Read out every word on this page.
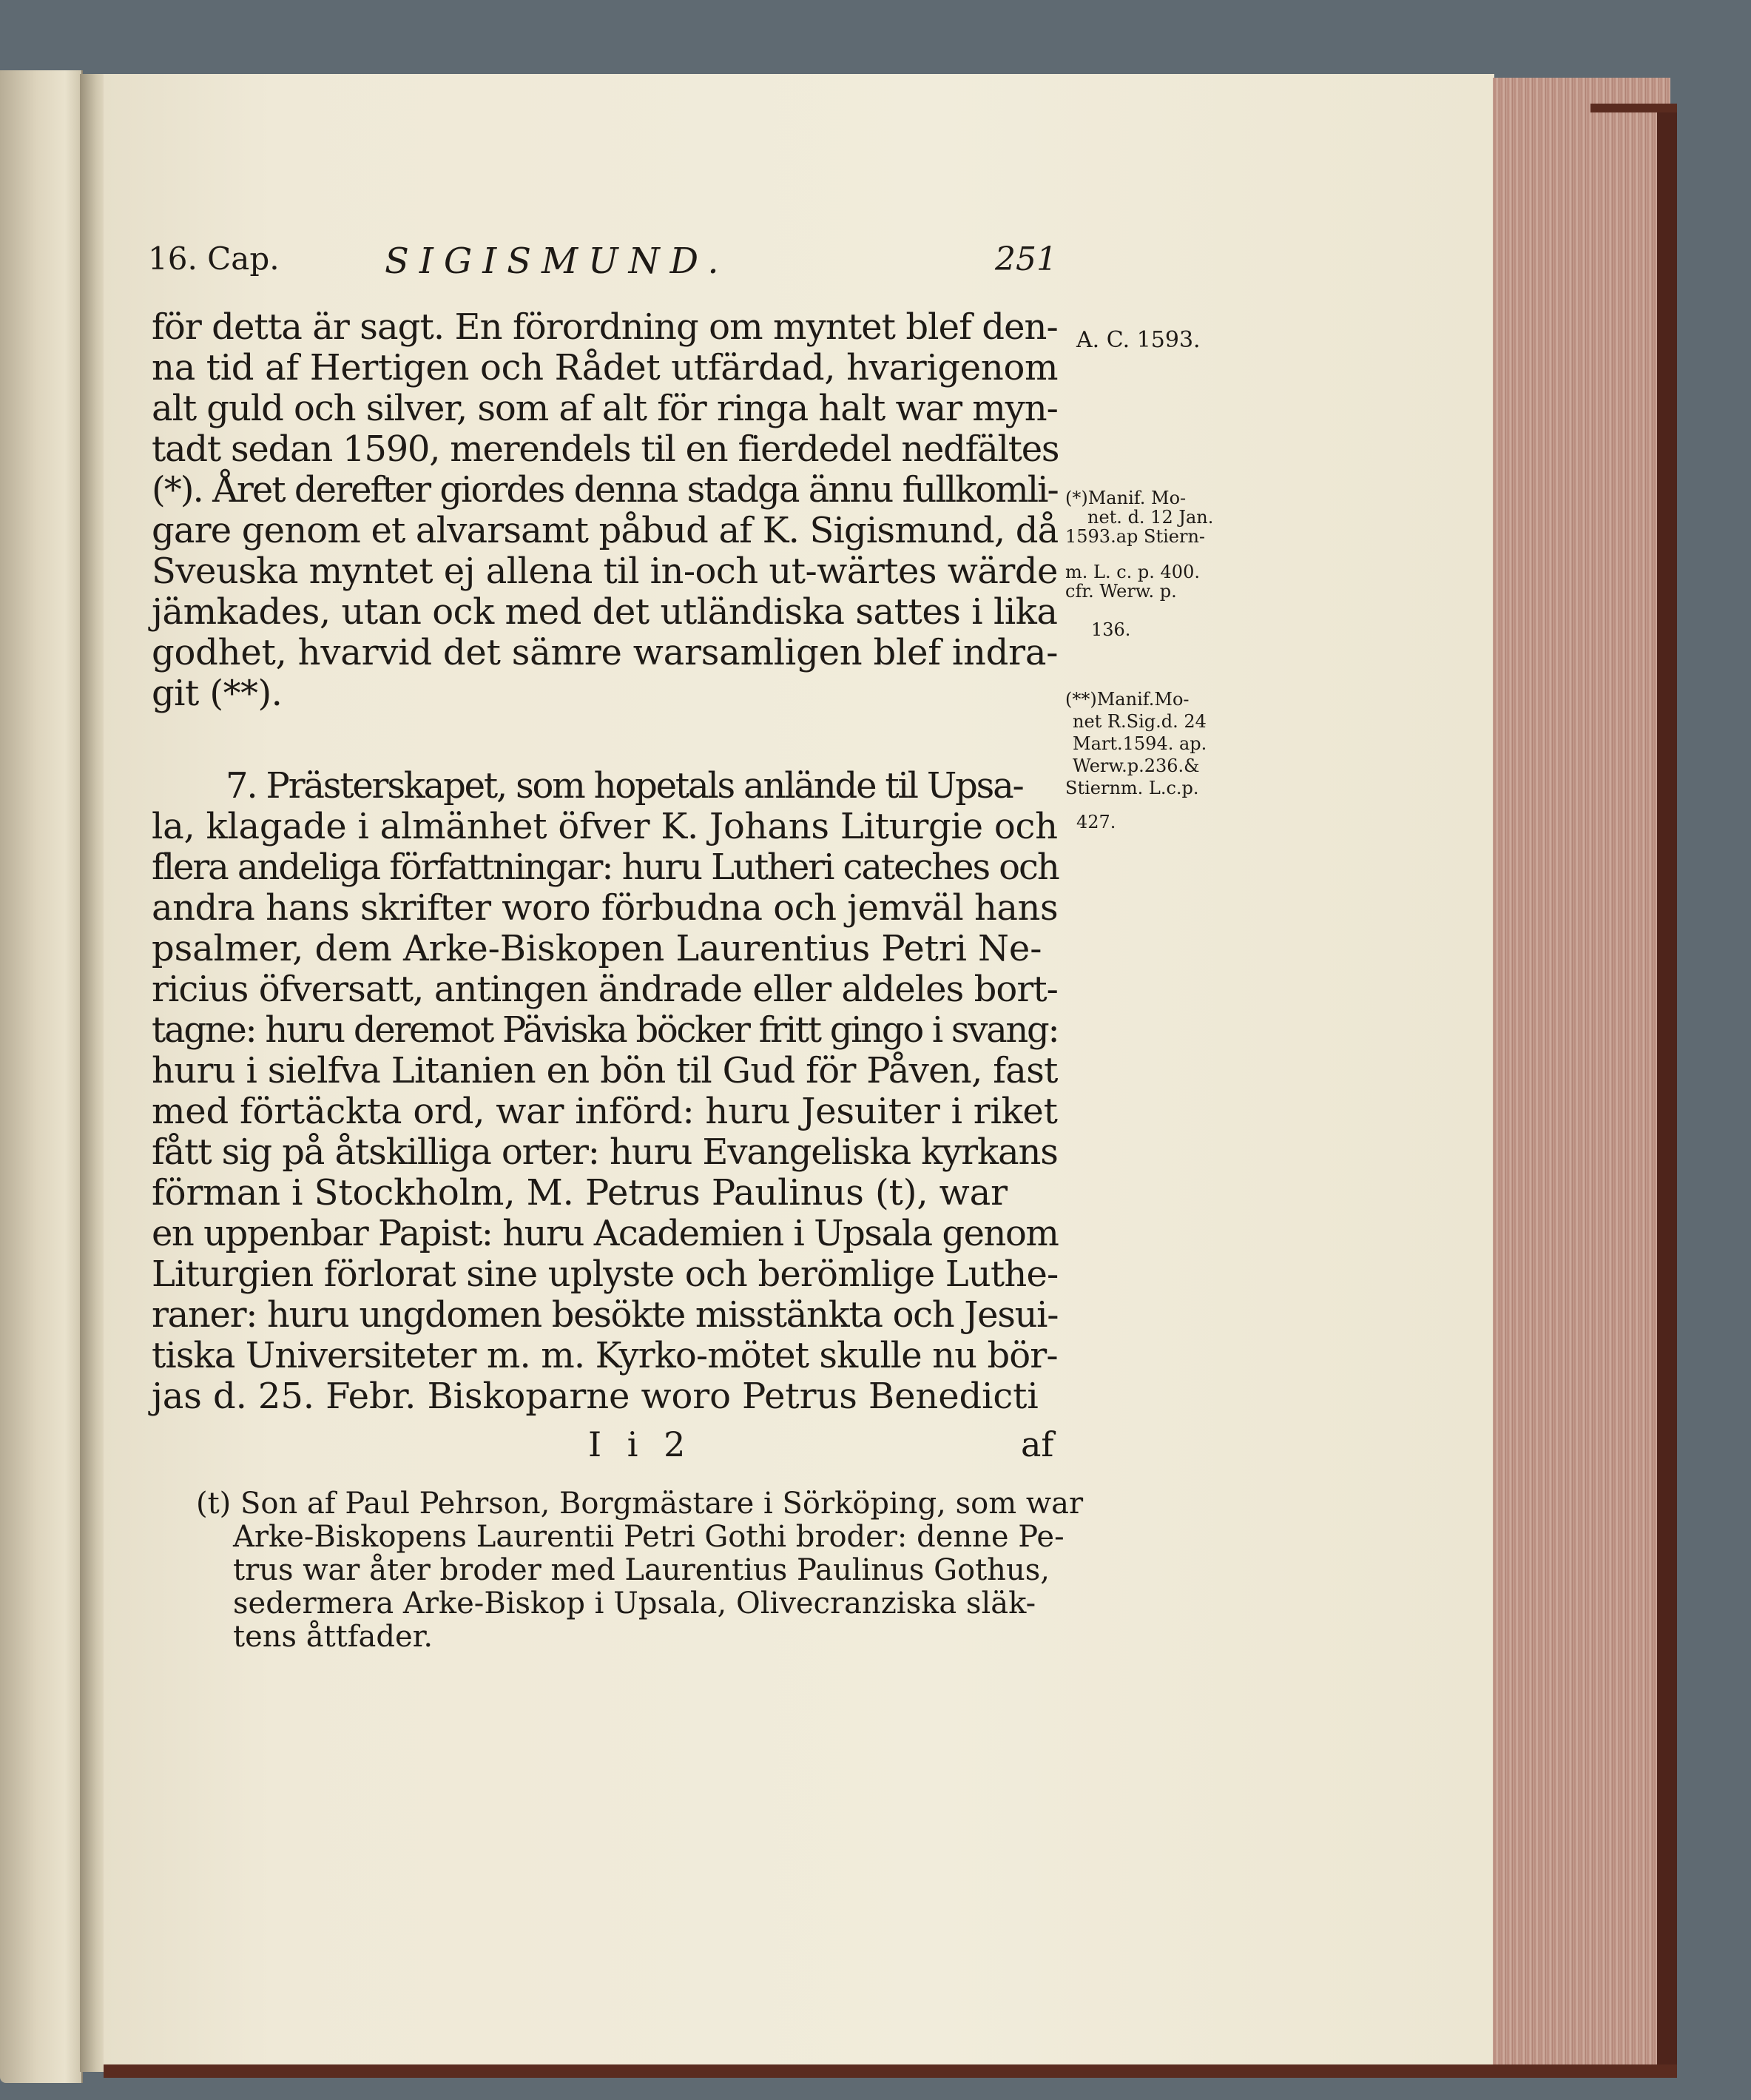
16. Cap.	SIGISMUND.	251
för detta är sagt. En förordning om myntet blef den-
na tid af Hertigen och Rådet utfärdad, hvarigenom
alt guld och silver, som af alt för ringa halt war myn-
tadt sedan 1590, merendels til en fierdedel nedfältes
(*). Året derefter giordes denna stadga ännu fullkomli-
gare genom et alvarsamt påbud af K. Sigismund, då
Sveuska myntet ej allena til in-och ut-wärtes wärde
jämkades, utan ock med det utländiska sattes i lika
godhet, hvarvid det sämre warsamligen blef indra-
git (**).
7. Prästerskapet, som hopetals anlände til Upsa-
la, klagade i almänhet öfver K. Johans Liturgie och
flera andeliga författningar: huru Lutheri cateches och
andra hans skrifter woro förbudna och jemväl hans
psalmer, dem Arke-Biskopen Laurentius Petri Ne-
ricius öfversatt, antingen ändrade eller aldeles bort-
tagne: huru deremot Päviska böcker fritt gingo i svang:
huru i sielfva Litanien en bön til Gud för Påven, fast
med förtäckta ord, war införd: huru Jesuiter i riket
fått sig på åtskilliga orter: huru Evangeliska kyrkans
förman i Stockholm, M. Petrus Paulinus (t), war
en uppenbar Papist: huru Academien i Upsala genom
Liturgien förlorat sine uplyste och berömlige Luthe-
raner: huru ungdomen besökte misstänkta och Jesui-
tiska Universiteter m. m. Kyrko-mötet skulle nu bör-
jas d. 25. Febr. Biskoparne woro Petrus Benedicti
I i 2	af
A. C. 1593.
(*)Manif. Mo-
net. d. 12 Jan.
1593.ap Stiern-
m. L. c. p. 400.
cfr. Werw. p.
136.
(**)Manif.Mo-
net R.Sig.d. 24
Mart.1594. ap.
Werw.p.236.&
Stiernm. L.c.p.
427.
(t) Son af Paul Pehrson, Borgmästare i Sörköping, som war
Arke-Biskopens Laurentii Petri Gothi broder: denne Pe-
trus war åter broder med Laurentius Paulinus Gothus,
sedermera Arke-Biskop i Upsala, Olivecranziska släk-
tens åttfader.
